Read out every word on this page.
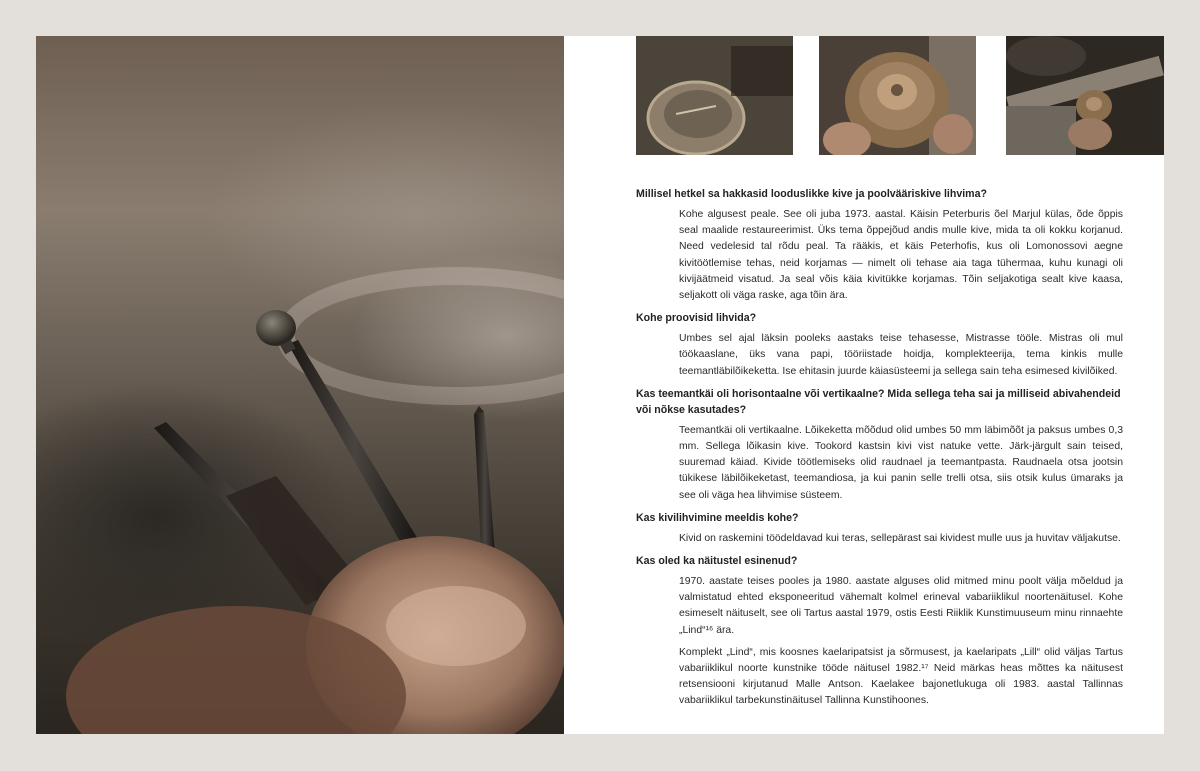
Millisel hetkel sa hakkasid looduslikke kive ja poolvääriskive lihvima?

Kohe algusest peale. See oli juba 1973. aastal. Käisin Peterburis õel Marjul külas, õde õppis seal maalide restaureerimist. Üks tema õppejõud andis mulle kive, mida ta oli kokku korjanud. Need vedelesid tal rõdu peal. Ta rääkis, et käis Peterhofis, kus oli Lomonossovi aegne kivitöötlemise tehas, neid korjamas — nimelt oli tehase aia taga tühermaa, kuhu kunagi oli kivijäätmeid visatud. Ja seal võis käia kivitükke korjamas. Tõin seljakotiga sealt kive kaasa, seljakott oli väga raske, aga tõin ära.

Kohe proovisid lihvida?

Umbes sel ajal läksin pooleks aastaks teise tehasesse, Mistrasse tööle. Mistras oli mul töökaaslane, üks vana papi, tööriistade hoidja, komplekteerija, tema kinkis mulle teemantläbilõikeketta. Ise ehitasin juurde käiasüsteemi ja sellega sain teha esimesed kivilõiked.

Kas teemantkäi oli horisontaalne või vertikaalne? Mida sellega teha sai ja milliseid abivahendeid või nõkse kasutades?

Teemantkäi oli vertikaalne. Lõikeketta mõõdud olid umbes 50 mm läbimõõt ja paksus umbes 0,3 mm. Sellega lõikasin kive. Tookord kastsin kivi vist natuke vette. Järk-järgult sain teised, suuremad käiad. Kivide töötlemiseks olid raudnael ja teemantpasta. Raudnaela otsa jootsin tükikese läbilõikeketast, teemandiosa, ja kui panin selle trelli otsa, siis otsik kulus ümaraks ja see oli väga hea lihvimise süsteem.

Kas kivilihvimine meeldis kohe?

Kivid on raskemini töödeldavad kui teras, sellepärast sai kividest mulle uus ja huvitav väljakutse.

Kas oled ka näitustel esinenud?

1970. aastate teises pooles ja 1980. aastate alguses olid mitmed minu poolt välja mõeldud ja valmistatud ehted eksponeeritud vähemalt kolmel erineval vabariiklikul noortenäitusel. Kohe esimeselt näituselt, see oli Tartus aastal 1979, ostis Eesti Riiklik Kunstimuuseum minu rinnaehte „Lind“¹⁶ ära.

Komplekt „Lind“, mis koosnes kaelaripatsist ja sõrmusest, ja kaelaripats „Lill“ olid väljas Tartus vabariiklikul noorte kunstnike tööde näitusel 1982.¹⁷ Neid märkas heas mõttes ka näitusest retsensiooni kirjutanud Malle Antson. Kaelakee bajonetlukuga oli 1983. aastal Tallinnas vabariiklikul tarbekunstinäitusel Tallinna Kunstihoones.
